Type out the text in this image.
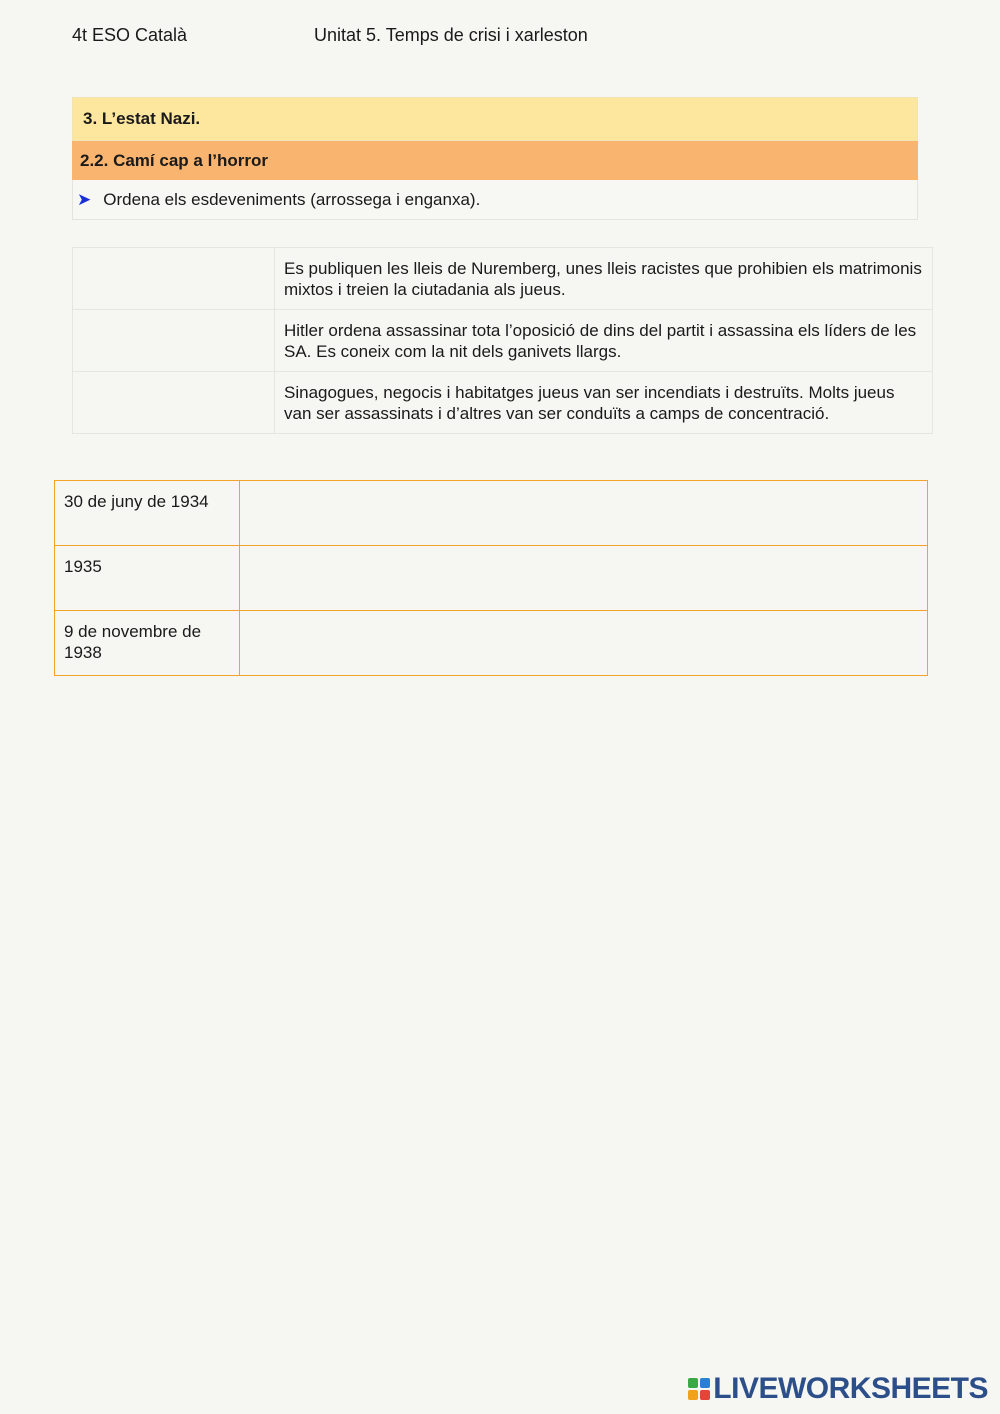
4t ESO Català	Unitat 5. Temps de crisi i xarleston
3. L’estat Nazi.
2.2. Camí cap a l’horror
➤ Ordena els esdeveniments (arrossega i enganxa).
	Es publiquen les lleis de Nuremberg, unes lleis racistes que prohibien els matrimonis mixtos i treien la ciutadania als jueus.
	Hitler ordena assassinar tota l’oposició de dins del partit i assassina els líders de les SA. Es coneix com la nit dels ganivets llargs.
	Sinagogues, negocis i habitatges jueus van ser incendiats i destruïts. Molts jueus van ser assassinats i d’altres van ser conduïts a camps de concentració.
30 de juny de 1934	
1935	
9 de novembre de 1938	
LIVEWORKSHEETS
